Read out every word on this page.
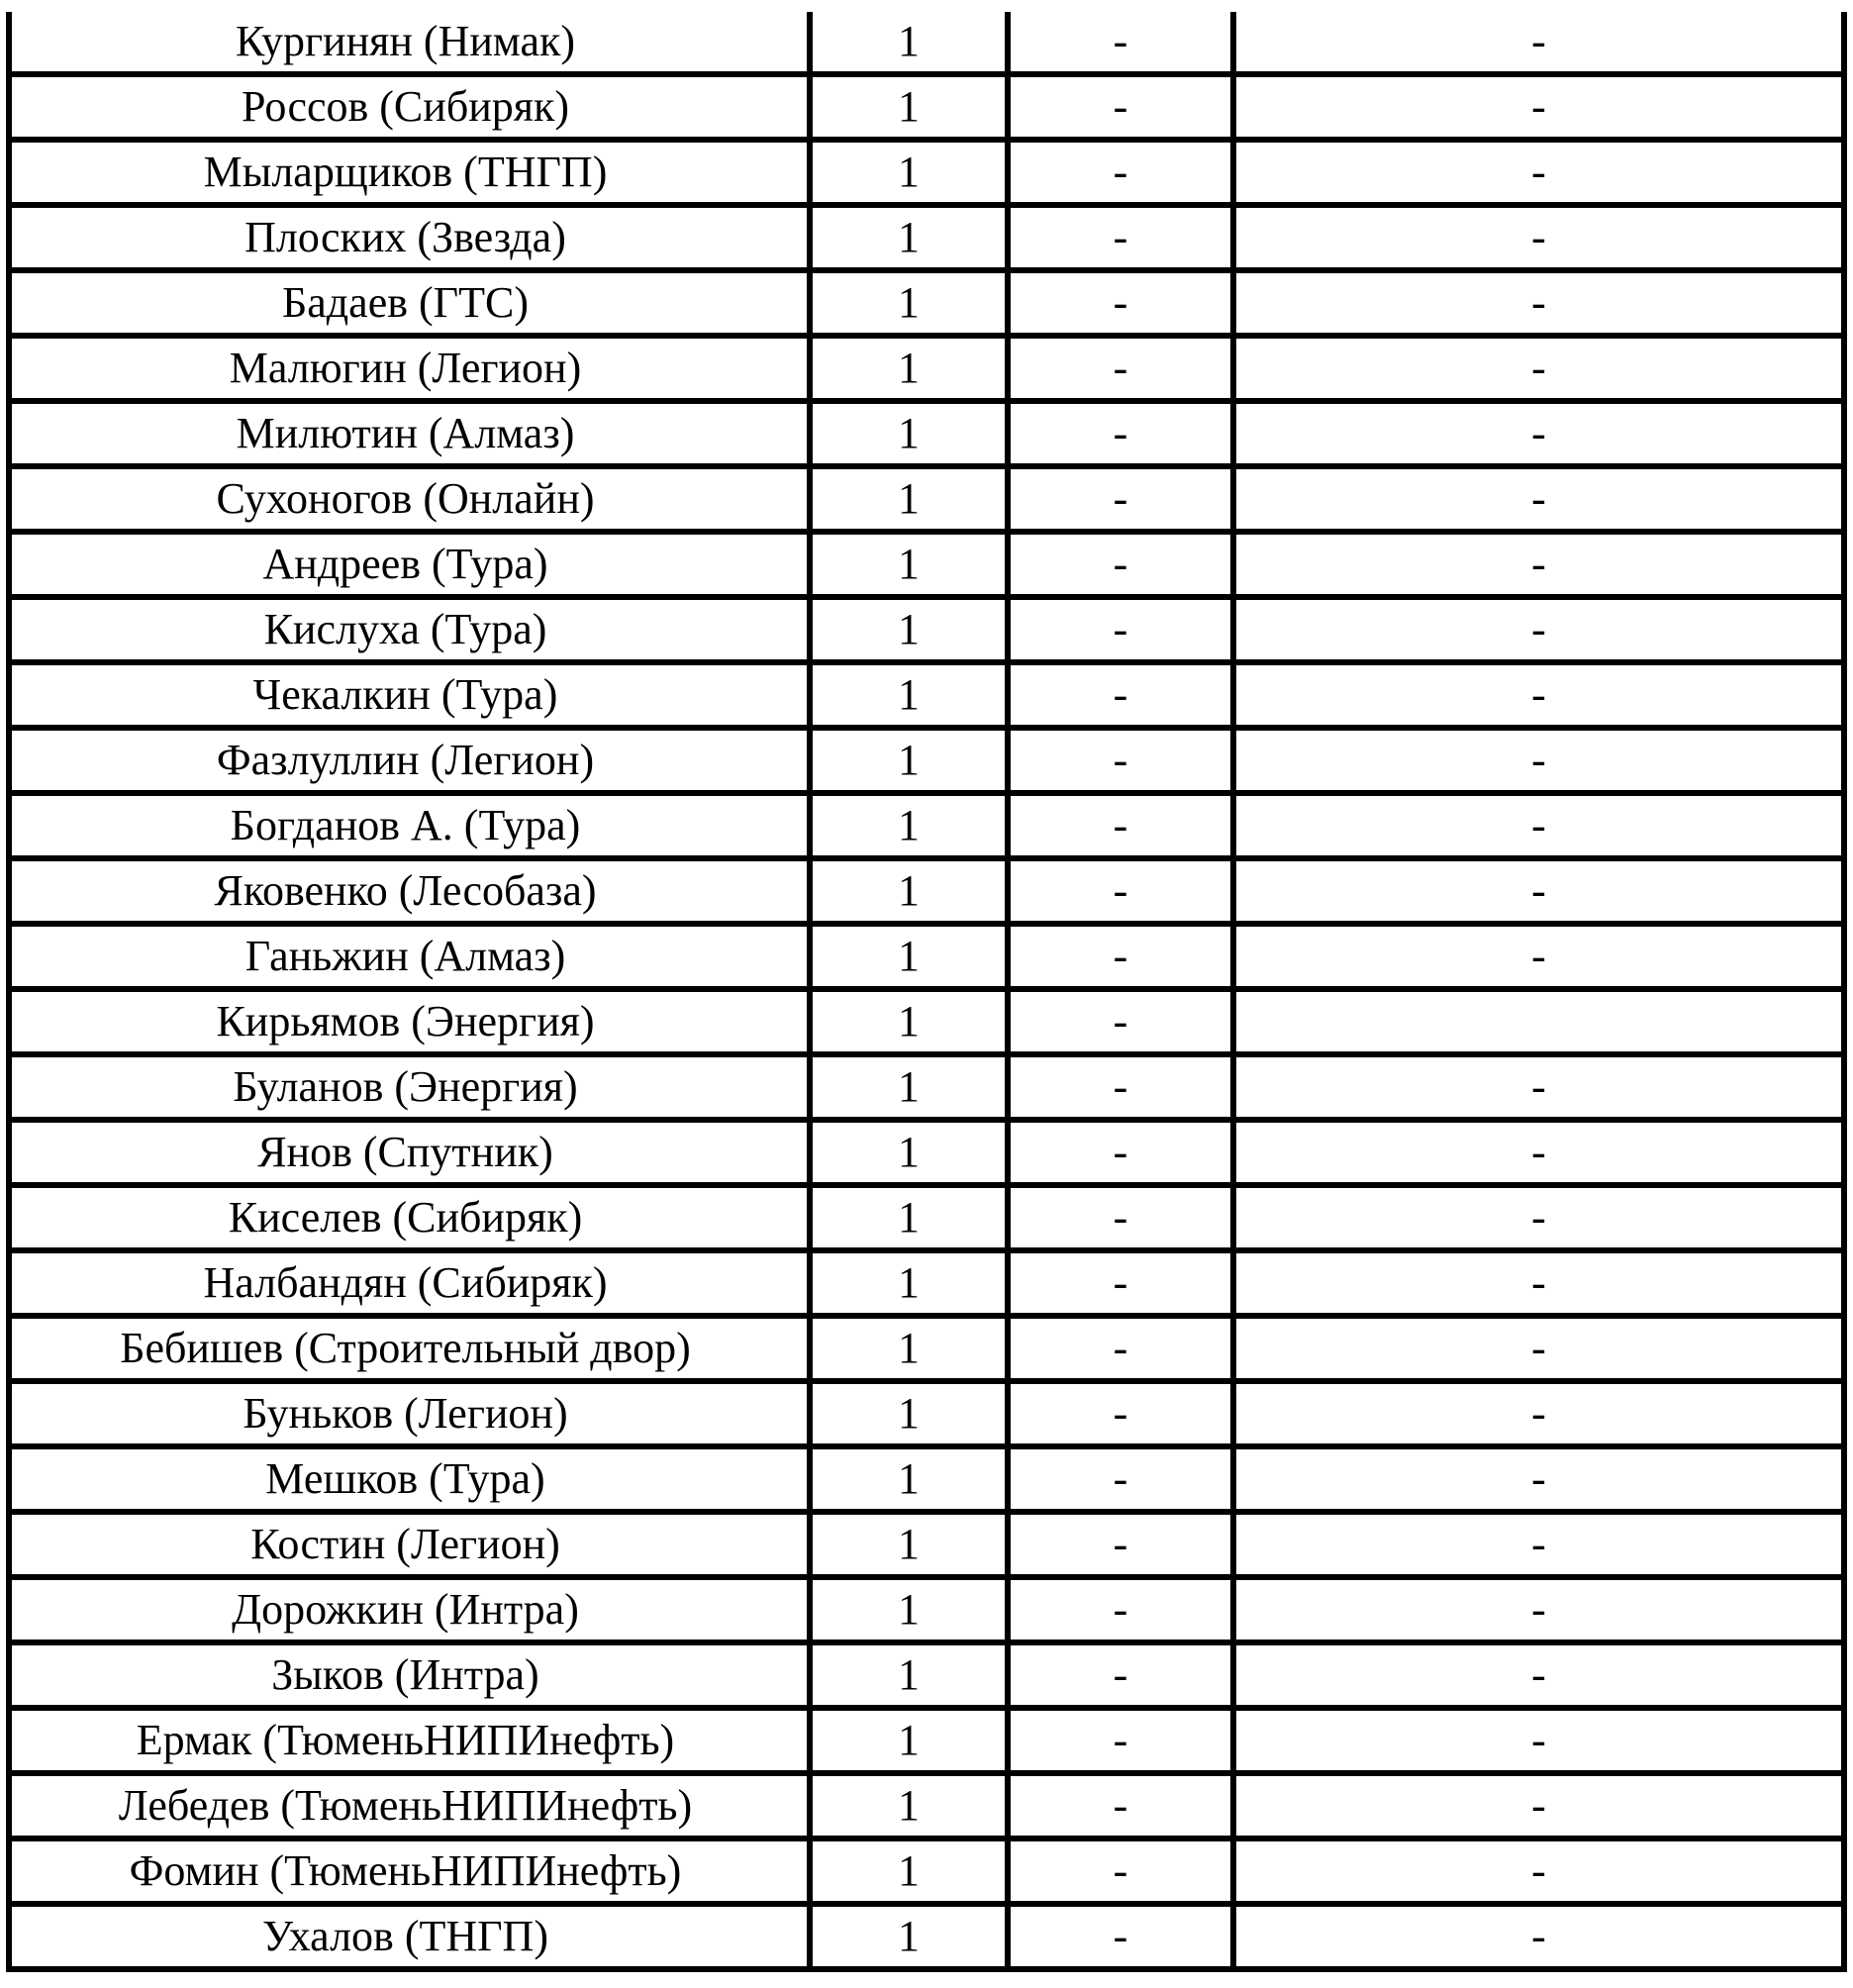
Кургинян (Нимак)	1	-	-
Россов (Сибиряк)	1	-	-
Мыларщиков (ТНГП)	1	-	-
Плоских (Звезда)	1	-	-
Бадаев (ГТС)	1	-	-
Малюгин (Легион)	1	-	-
Милютин (Алмаз)	1	-	-
Сухоногов (Онлайн)	1	-	-
Андреев (Тура)	1	-	-
Кислуха (Тура)	1	-	-
Чекалкин (Тура)	1	-	-
Фазлуллин (Легион)	1	-	-
Богданов А. (Тура)	1	-	-
Яковенко (Лесобаза)	1	-	-
Ганьжин (Алмаз)	1	-	-
Кирьямов (Энергия)	1	-	
Буланов (Энергия)	1	-	-
Янов (Спутник)	1	-	-
Киселев (Сибиряк)	1	-	-
Налбандян (Сибиряк)	1	-	-
Бебишев (Строительный двор)	1	-	-
Буньков (Легион)	1	-	-
Мешков (Тура)	1	-	-
Костин (Легион)	1	-	-
Дорожкин (Интра)	1	-	-
Зыков (Интра)	1	-	-
Ермак (ТюменьНИПИнефть)	1	-	-
Лебедев (ТюменьНИПИнефть)	1	-	-
Фомин (ТюменьНИПИнефть)	1	-	-
Ухалов (ТНГП)	1	-	-
